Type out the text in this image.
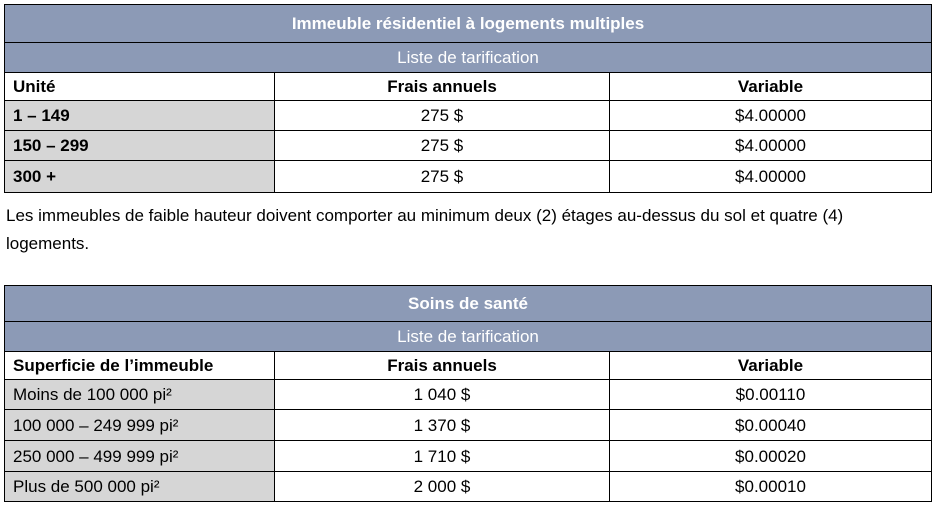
Immeuble résidentiel à logements multiples		
Liste de tarification		
Unité	Frais annuels	Variable
1 – 149	275 $	$4.00000
150 – 299	275 $	$4.00000
300 +	275 $	$4.00000
Les immeubles de faible hauteur doivent comporter au minimum deux (2) étages au-dessus du sol et quatre (4) logements.
Soins de santé		
Liste de tarification		
Superficie de l’immeuble	Frais annuels	Variable
Moins de 100 000 pi²	1 040 $	$0.00110
100 000 – 249 999 pi²	1 370 $	$0.00040
250 000 – 499 999 pi²	1 710 $	$0.00020
Plus de 500 000 pi²	2 000 $	$0.00010
